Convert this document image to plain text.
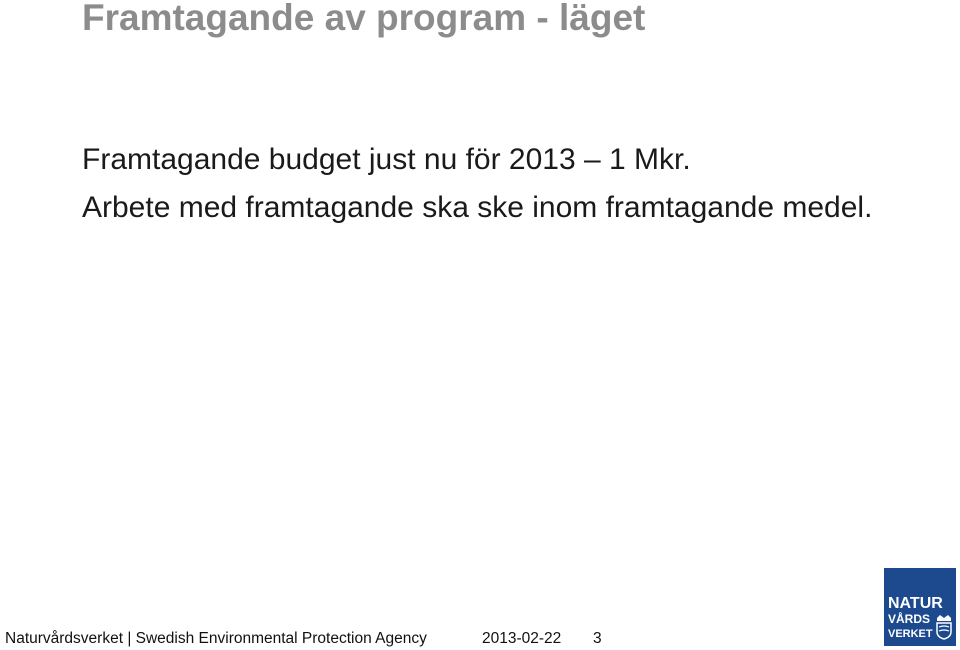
Framtagande av program - läget

Framtagande budget just nu för 2013 – 1 Mkr.

Arbete med framtagande ska ske inom framtagande medel.

Naturvårdsverket | Swedish Environmental Protection Agency	2013-02-22 3
NATUR
VÅRDS
VERKET
